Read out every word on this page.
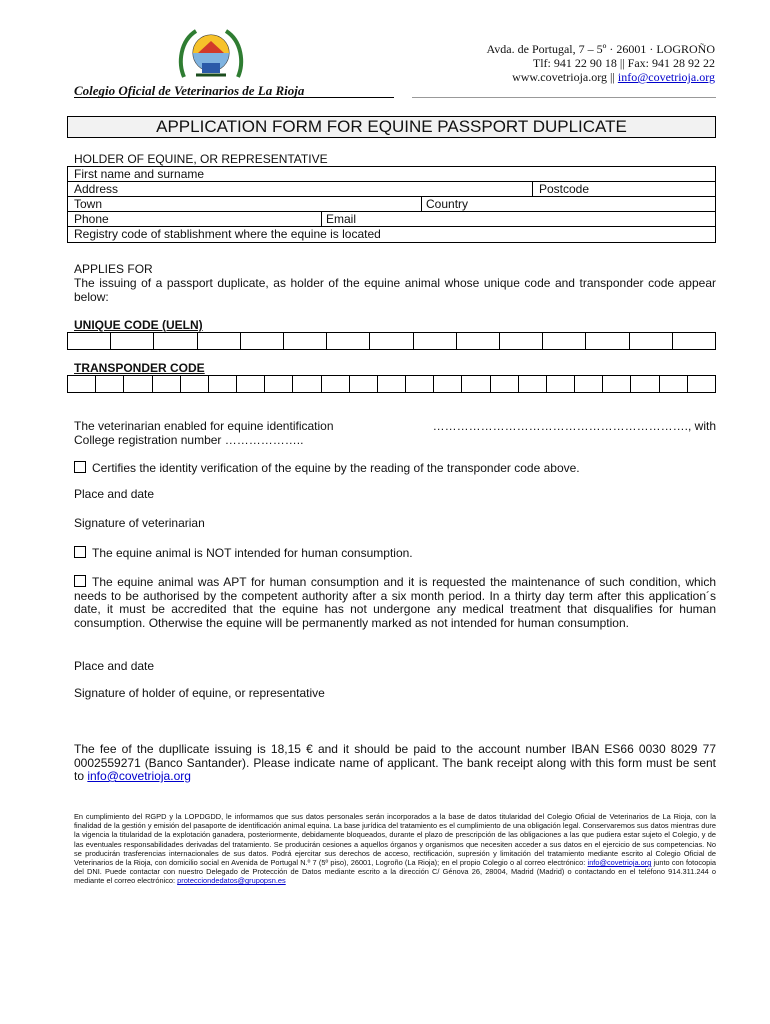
Avda. de Portugal, 7 – 5º · 26001 · LOGROÑO
Tlf: 941 22 90 18 || Fax: 941 28 92 22
www.covetrioja.org || info@covetrioja.org
Colegio Oficial de Veterinarios de La Rioja
APPLICATION FORM FOR EQUINE PASSPORT DUPLICATE
HOLDER OF EQUINE, OR REPRESENTATIVE
First name and surname
Address	Postcode
Town	Country
Phone	Email
Registry code of stablishment where the equine is located
APPLIES FOR
The issuing of a passport duplicate, as holder of the equine animal whose unique code and transponder code appear below:
UNIQUE CODE (UELN)
TRANSPONDER CODE
The veterinarian enabled for equine identification	………………………………………………………., with
College registration number ………………..
Certifies the identity verification of the equine by the reading of the transponder code above.
Place and date
Signature of veterinarian
The equine animal is NOT intended for human consumption.
The equine animal was APT for human consumption and it is requested the maintenance of such condition, which needs to be authorised by the competent authority after a six month period. In a thirty day term after this application´s date, it must be accredited that the equine has not undergone any medical treatment that disqualifies for human consumption. Otherwise the equine will be permanently marked as not intended for human consumption.
Place and date
Signature of holder of equine, or representative
The fee of the dupllicate issuing is 18,15 € and it should be paid to the account number IBAN ES66 0030 8029 77 0002559271 (Banco Santander). Please indicate name of applicant. The bank receipt along with this form must be sent to info@covetrioja.org
En cumplimiento del RGPD y la LOPDGDD, le informamos que sus datos personales serán incorporados a la base de datos titularidad del Colegio Oficial de Veterinarios de La Rioja, con la finalidad de la gestión y emisión del pasaporte de identificación animal equina. La base jurídica del tratamiento es el cumplimiento de una obligación legal. Conservaremos sus datos mientras dure la vigencia la titularidad de la explotación ganadera, posteriormente, debidamente bloqueados, durante el plazo de prescripción de las obligaciones a las que pudiera estar sujeto el Colegio, y de las eventuales responsabilidades derivadas del tratamiento. Se producirán cesiones a aquellos órganos y organismos que necesiten acceder a sus datos en el ejercicio de sus competencias. No se producirán trasferencias internacionales de sus datos. Podrá ejercitar sus derechos de acceso, rectificación, supresión y limitación del tratamiento mediante escrito al Colegio Oficial de Veterinarios de la Rioja, con domicilio social en Avenida de Portugal N.º 7 (5º piso), 26001, Logroño (La Rioja); en el propio Colegio o al correo electrónico: info@covetrioja.org junto con fotocopia del DNI. Puede contactar con nuestro Delegado de Protección de Datos mediante escrito a la dirección C/ Génova 26, 28004, Madrid (Madrid) o contactando en el teléfono 914.311.244 o mediante el correo electrónico: protecciondedatos@grupopsn.es
